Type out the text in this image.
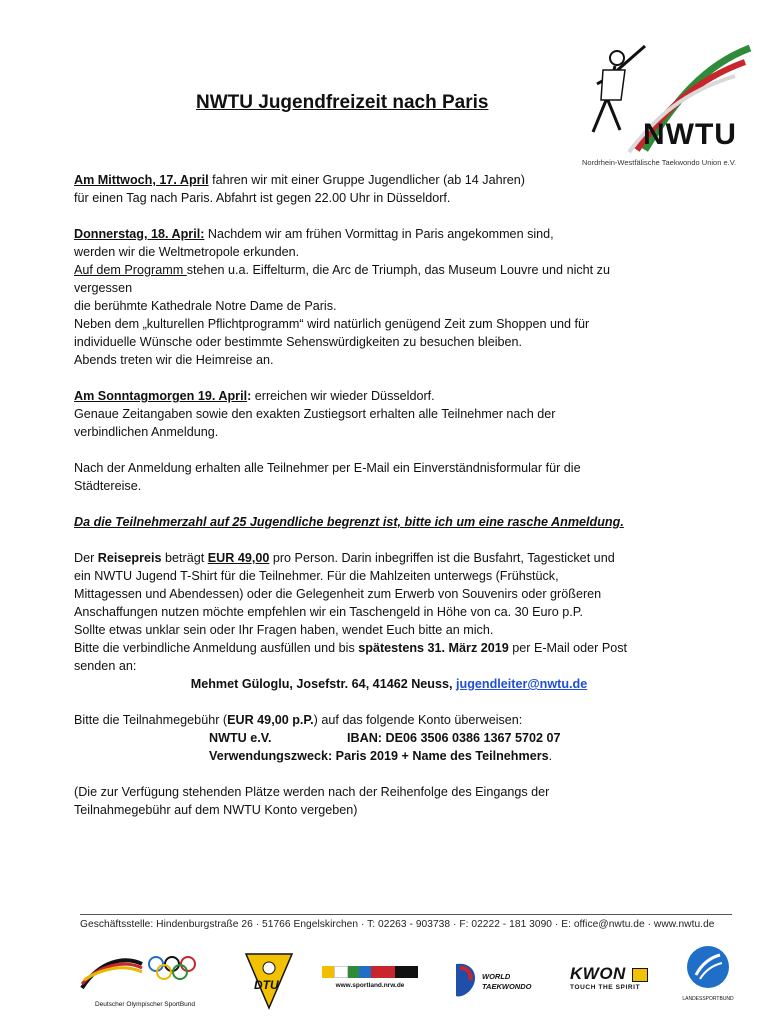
NWTU Jugendfreizeit nach Paris
NWTU
Nordrhein-Westfälische Taekwondo Union e.V.

Am Mittwoch, 17. April fahren wir mit einer Gruppe Jugendlicher (ab 14 Jahren)

für einen Tag nach Paris. Abfahrt ist gegen 22.00 Uhr in Düsseldorf.

Donnerstag, 18. April: Nachdem wir am frühen Vormittag in Paris angekommen sind,

werden wir die Weltmetropole erkunden.

Auf dem Programm stehen u.a. Eiffelturm, die Arc de Triumph, das Museum Louvre und nicht zu

vergessen

die berühmte Kathedrale Notre Dame de Paris.

Neben dem „kulturellen Pflichtprogramm“ wird natürlich genügend Zeit zum Shoppen und für

individuelle Wünsche oder bestimmte Sehenswürdigkeiten zu besuchen bleiben.

Abends treten wir die Heimreise an.

Am Sonntagmorgen 19. April: erreichen wir wieder Düsseldorf.

Genaue Zeitangaben sowie den exakten Zustiegsort erhalten alle Teilnehmer nach der

verbindlichen Anmeldung.

Nach der Anmeldung erhalten alle Teilnehmer per E-Mail ein Einverständnisformular für die

Städtereise.

Da die Teilnehmerzahl auf 25 Jugendliche begrenzt ist, bitte ich um eine rasche Anmeldung.

Der Reisepreis beträgt EUR 49,00 pro Person. Darin inbegriffen ist die Busfahrt, Tagesticket und

ein NWTU Jugend T-Shirt für die Teilnehmer. Für die Mahlzeiten unterwegs (Frühstück,

Mittagessen und Abendessen) oder die Gelegenheit zum Erwerb von Souvenirs oder größeren

Anschaffungen nutzen möchte empfehlen wir ein Taschengeld in Höhe von ca. 30 Euro p.P.

Sollte etwas unklar sein oder Ihr Fragen haben, wendet Euch bitte an mich.

Bitte die verbindliche Anmeldung ausfüllen und bis spätestens 31. März 2019 per E-Mail oder Post

senden an:

Mehmet Güloglu, Josefstr. 64, 41462 Neuss, jugendleiter@nwtu.de

Bitte die Teilnahmegebühr (EUR 49,00 p.P.) auf das folgende Konto überweisen:

NWTU e.V.	IBAN: DE06 3506 0386 1367 5702 07

Verwendungszweck: Paris 2019 + Name des Teilnehmers.

(Die zur Verfügung stehenden Plätze werden nach der Reihenfolge des Eingangs der

Teilnahmegebühr auf dem NWTU Konto vergeben)

Geschäftsstelle: Hindenburgstraße 26 · 51766 Engelskirchen · T: 02263 - 903738 · F: 02222 - 181 3090 · E: office@nwtu.de · www.nwtu.de
Deutscher Olympischer SportBund
DTU	www.sportland.nrw.de
WORLD
TAEKWONDO
KWON
TOUCH THE SPIRIT
LANDESSPORTBUND
